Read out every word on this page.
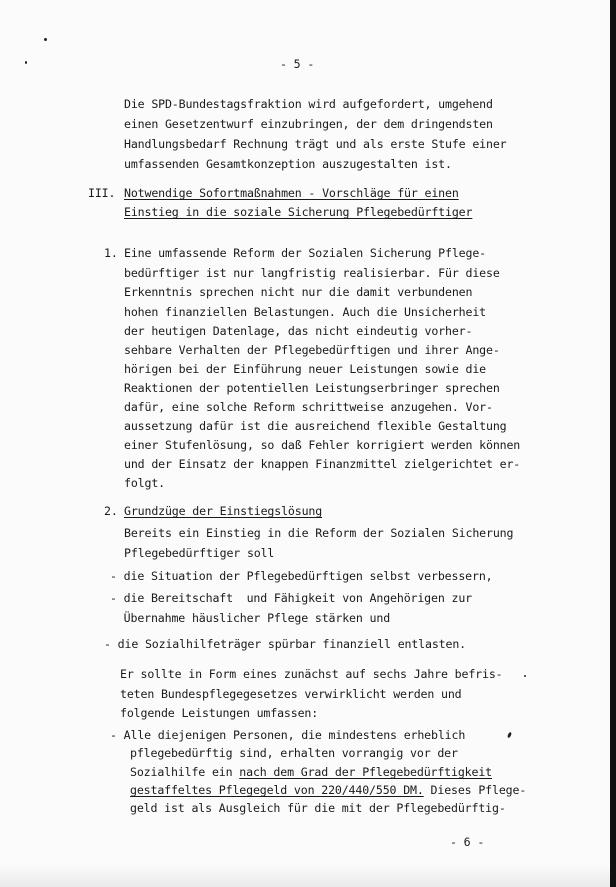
- 5 -
Die SPD-Bundestagsfraktion wird aufgefordert, umgehend
einen Gesetzentwurf einzubringen, der dem dringendsten
Handlungsbedarf Rechnung trägt und als erste Stufe einer
umfassenden Gesamtkonzeption auszugestalten ist.
III. Notwendige Sofortmaßnahmen - Vorschläge für einen
Einstieg in die soziale Sicherung Pflegebedürftiger
1. Eine umfassende Reform der Sozialen Sicherung Pflege-
bedürftiger ist nur langfristig realisierbar. Für diese
Erkenntnis sprechen nicht nur die damit verbundenen
hohen finanziellen Belastungen. Auch die Unsicherheit
der heutigen Datenlage, das nicht eindeutig vorher-
sehbare Verhalten der Pflegebedürftigen und ihrer Ange-
hörigen bei der Einführung neuer Leistungen sowie die
Reaktionen der potentiellen Leistungserbringer sprechen
dafür, eine solche Reform schrittweise anzugehen. Vor-
aussetzung dafür ist die ausreichend flexible Gestaltung
einer Stufenlösung, so daß Fehler korrigiert werden können
und der Einsatz der knappen Finanzmittel zielgerichtet er-
folgt.
2. Grundzüge der Einstiegslösung
Bereits ein Einstieg in die Reform der Sozialen Sicherung
Pflegebedürftiger soll
- die Situation der Pflegebedürftigen selbst verbessern,
- die Bereitschaft  und Fähigkeit von Angehörigen zur
Übernahme häuslicher Pflege stärken und
- die Sozialhilfeträger spürbar finanziell entlasten.
Er sollte in Form eines zunächst auf sechs Jahre befris-
teten Bundespflegegesetzes verwirklicht werden und
folgende Leistungen umfassen:
- Alle diejenigen Personen, die mindestens erheblich
pflegebedürftig sind, erhalten vorrangig vor der
Sozialhilfe ein nach dem Grad der Pflegebedürftigkeit
gestaffeltes Pflegegeld von 220/440/550 DM. Dieses Pflege-
geld ist als Ausgleich für die mit der Pflegebedürftig-
- 6 -
